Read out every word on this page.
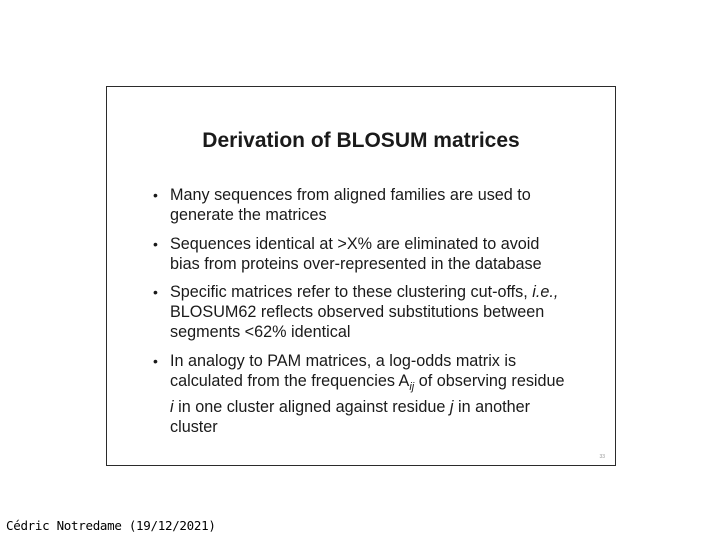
Derivation of BLOSUM matrices
• Many sequences from aligned families are used to generate the matrices
• Sequences identical at >X% are eliminated to avoid bias from proteins over-represented in the database
• Specific matrices refer to these clustering cut-offs, i.e., BLOSUM62 reflects observed substitutions between segments <62% identical
• In analogy to PAM matrices, a log-odds matrix is calculated from the frequencies $A_{ij}$ of observing residue i in one cluster aligned against residue j in another cluster
33
Cédric Notredame (19/12/2021)
